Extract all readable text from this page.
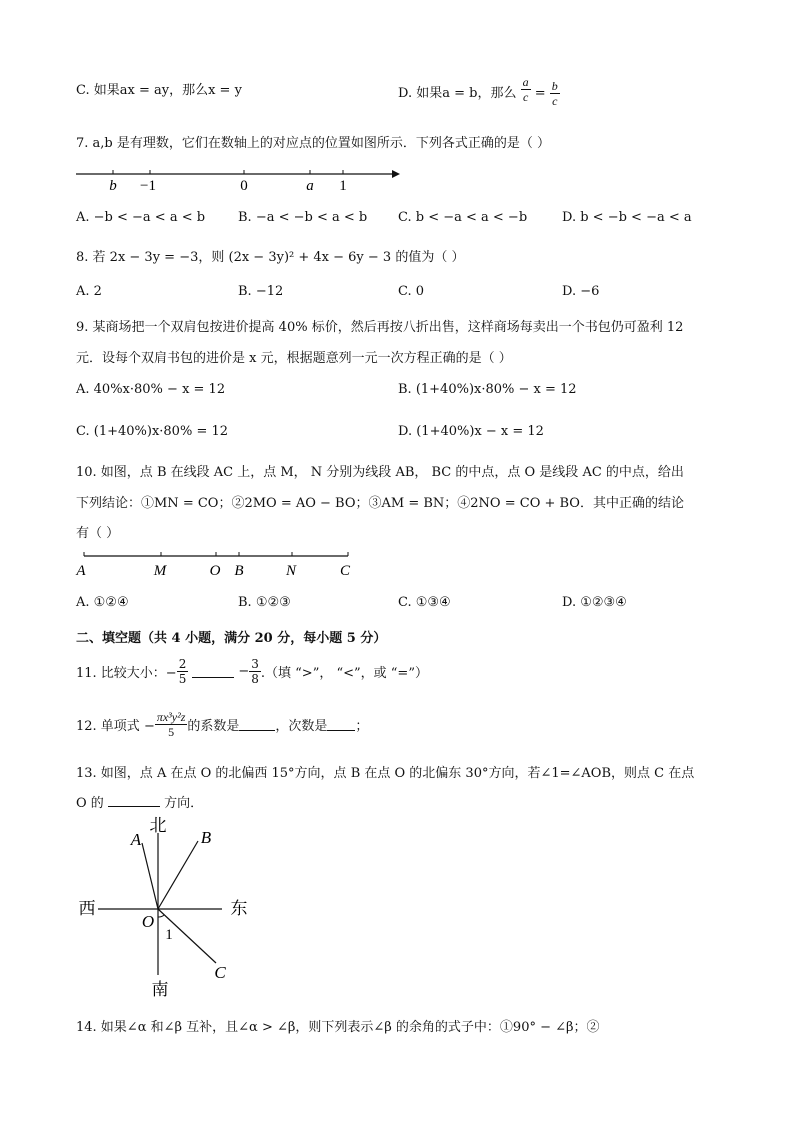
C. 如果ax = ay，那么x = y	D. 如果a = b，那么 $\frac{a}{c} = \frac{b}{c}$
7. a,b 是有理数，它们在数轴上的对应点的位置如图所示．下列各式正确的是（ ）
b −1	0	a 1
A. −b < −a < a < b	B. −a < −b < a < b C. b < −a < a < −b	D. b < −b < −a < a
8. 若 2x − 3y = −3，则 (2x − 3y)² + 4x − 6y − 3 的值为（ ）
A. 2	B. −12	C. 0	D. −6
9. 某商场把一个双肩包按进价提高 40% 标价，然后再按八折出售，这样商场每卖出一个书包仍可盈利 12
元．设每个双肩书包的进价是 x 元，根据题意列一元一次方程正确的是（ ）
A. 40%x·80% − x = 12	B. (1+40%)x·80% − x = 12
C. (1+40%)x·80% = 12	D. (1+40%)x − x = 12
10. 如图，点 B 在线段 AC 上，点 M， N 分别为线段 AB， BC 的中点，点 O 是线段 AC 的中点，给出
下列结论：①MN = CO；②2MO = AO − BO；③AM = BN；④2NO = CO + BO．其中正确的结论
有（ ）
A	M	O B	N	C
A. ①②④	B. ①②③	C. ①③④	D. ①②③④
二、填空题（共 4 小题，满分 20 分，每小题 5 分）
11. 比较大小：− $\frac{2}{5}$	− $\frac{3}{8}$ .（填 “>”， “<”，或 “=”）
12. 单项式 − $\frac{\text{πx³y²z}}{5}$ 的系数是	，次数是 ；
13. 如图，点 A 在点 O 的北偏西 15°方向，点 B 在点 O 的北偏东 30°方向，若∠1=∠AOB，则点 C 在点
O 的	方向．
北
南
西	东
A	B
C
O
1
14. 如果∠α 和∠β 互补，且∠α > ∠β，则下列表示∠β 的余角的式子中：①90° − ∠β；②
